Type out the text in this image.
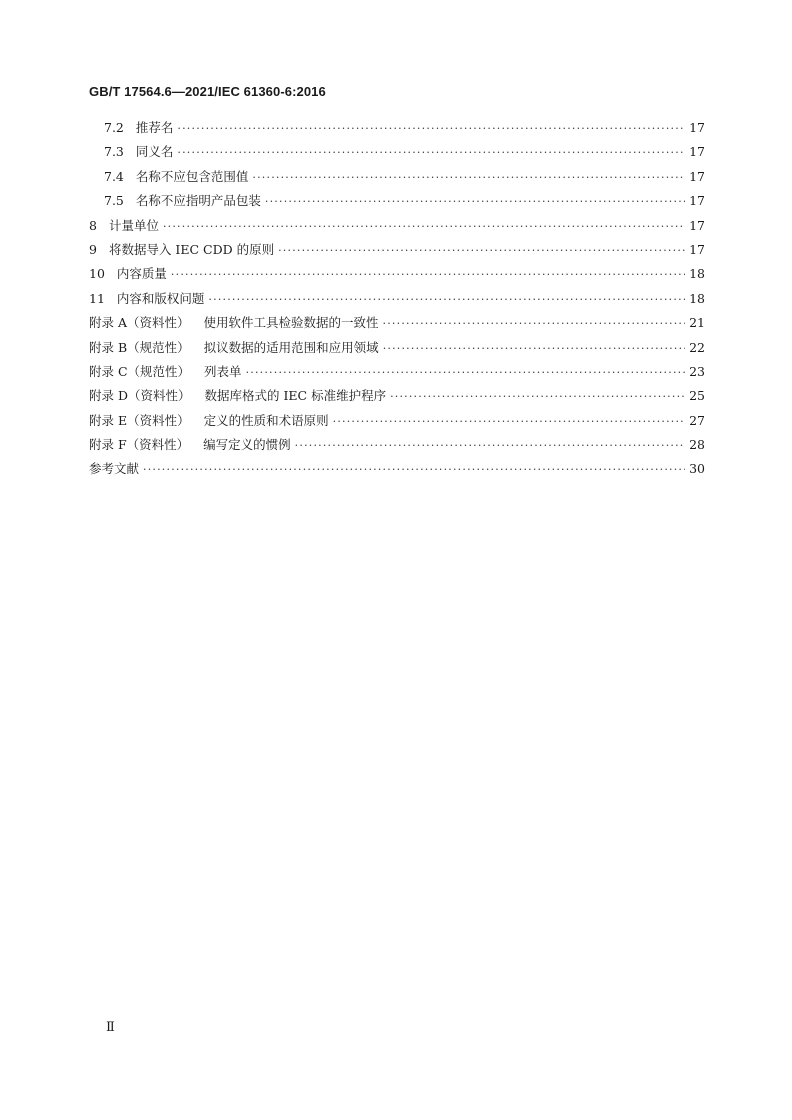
GB/T 17564.6—2021/IEC 61360-6:2016
7.2 推荐名 ·····	17
7.3 同义名 ·····	17
7.4 名称不应包含范围值 ·····	17
7.5 名称不应指明产品包装 ·····	17
8 计量单位 ·····	17
9 将数据导入 IEC CDD 的原则 ·····	17
10 内容质量 ·····	18
11 内容和版权问题 ·····	18
附录 A（资料性） 使用软件工具检验数据的一致性 ·····	21
附录 B（规范性） 拟议数据的适用范围和应用领域 ·····	22
附录 C（规范性） 列表单 ·····	23
附录 D（资料性） 数据库格式的 IEC 标准维护程序 ·····	25
附录 E（资料性） 定义的性质和术语原则 ·····	27
附录 F（资料性） 编写定义的惯例 ·····	28
参考文献 ·····	30
Ⅱ
